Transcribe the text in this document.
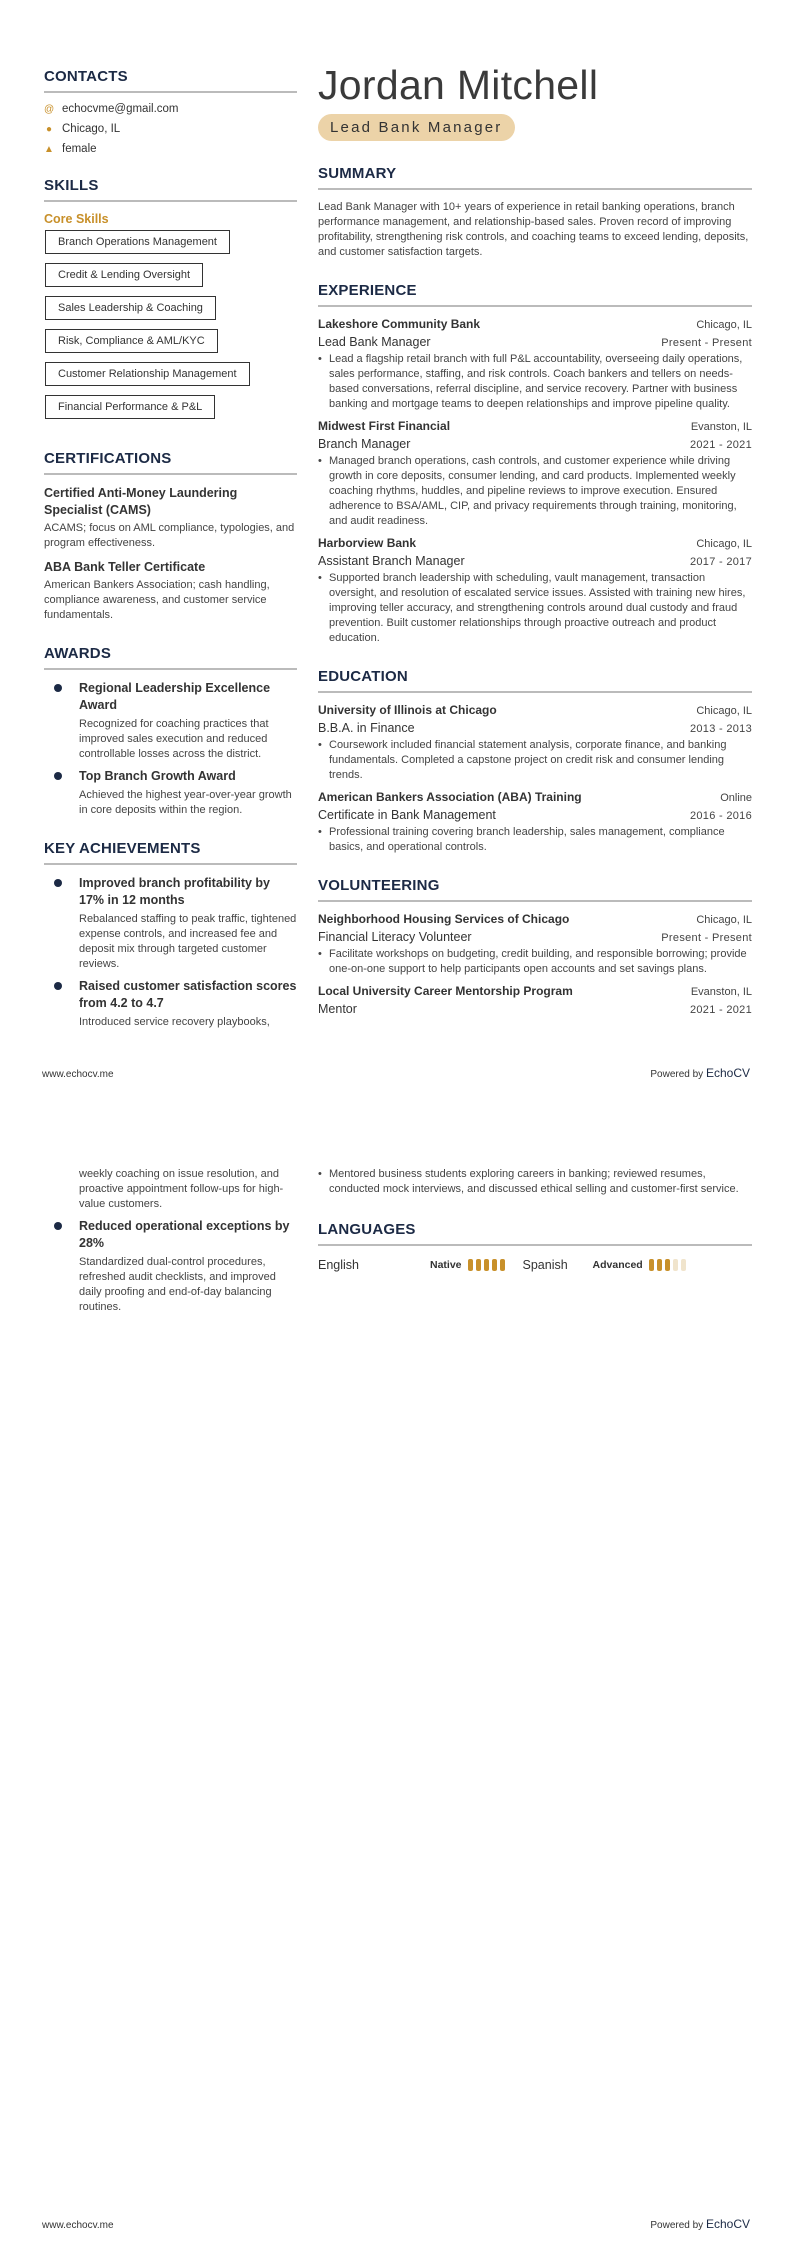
CONTACTS
@ echocvme@gmail.com
● Chicago, IL
▲ female
SKILLS
Core Skills
Branch Operations Management
Credit & Lending Oversight
Sales Leadership & Coaching
Risk, Compliance & AML/KYC
Customer Relationship Management
Financial Performance & P&L
CERTIFICATIONS
Certified Anti-Money Laundering Specialist (CAMS)
ACAMS; focus on AML compliance, typologies, and program effectiveness.
ABA Bank Teller Certificate
American Bankers Association; cash handling, compliance awareness, and customer service fundamentals.
AWARDS
Regional Leadership Excellence Award
Recognized for coaching practices that improved sales execution and reduced controllable losses across the district.
Top Branch Growth Award
Achieved the highest year-over-year growth in core deposits within the region.
KEY ACHIEVEMENTS
Improved branch profitability by 17% in 12 months
Rebalanced staffing to peak traffic, tightened expense controls, and increased fee and deposit mix through targeted customer reviews.
Raised customer satisfaction scores from 4.2 to 4.7
Introduced service recovery playbooks,
Jordan Mitchell
Lead Bank Manager
SUMMARY
Lead Bank Manager with 10+ years of experience in retail banking operations, branch performance management, and relationship-based sales. Proven record of improving profitability, strengthening risk controls, and coaching teams to exceed lending, deposits, and customer satisfaction targets.
EXPERIENCE
Lakeshore Community Bank	Chicago, IL
Lead Bank Manager	Present - Present
• Lead a flagship retail branch with full P&L accountability, overseeing daily operations, sales performance, staffing, and risk controls. Coach bankers and tellers on needs-based conversations, referral discipline, and service recovery. Partner with business banking and mortgage teams to deepen relationships and improve pipeline quality.
Midwest First Financial	Evanston, IL
Branch Manager	2021 - 2021
• Managed branch operations, cash controls, and customer experience while driving growth in core deposits, consumer lending, and card products. Implemented weekly coaching rhythms, huddles, and pipeline reviews to improve execution. Ensured adherence to BSA/AML, CIP, and privacy requirements through training, monitoring, and audit readiness.
Harborview Bank	Chicago, IL
Assistant Branch Manager	2017 - 2017
• Supported branch leadership with scheduling, vault management, transaction oversight, and resolution of escalated service issues. Assisted with training new hires, improving teller accuracy, and strengthening controls around dual custody and fraud prevention. Built customer relationships through proactive outreach and product education.
EDUCATION
University of Illinois at Chicago	Chicago, IL
B.B.A. in Finance	2013 - 2013
• Coursework included financial statement analysis, corporate finance, and banking fundamentals. Completed a capstone project on credit risk and consumer lending trends.
American Bankers Association (ABA) Training	Online
Certificate in Bank Management	2016 - 2016
• Professional training covering branch leadership, sales management, compliance basics, and operational controls.
VOLUNTEERING
Neighborhood Housing Services of Chicago	Chicago, IL
Financial Literacy Volunteer	Present - Present
• Facilitate workshops on budgeting, credit building, and responsible borrowing; provide one-on-one support to help participants open accounts and set savings plans.
Local University Career Mentorship Program	Evanston, IL
Mentor	2021 - 2021
www.echocv.me	Powered by EchoCV
weekly coaching on issue resolution, and proactive appointment follow-ups for high-value customers.
Reduced operational exceptions by 28%
Standardized dual-control procedures, refreshed audit checklists, and improved daily proofing and end-of-day balancing routines.
• Mentored business students exploring careers in banking; reviewed resumes, conducted mock interviews, and discussed ethical selling and customer-first service.
LANGUAGES
English	Native	Spanish	Advanced
www.echocv.me	Powered by EchoCV
